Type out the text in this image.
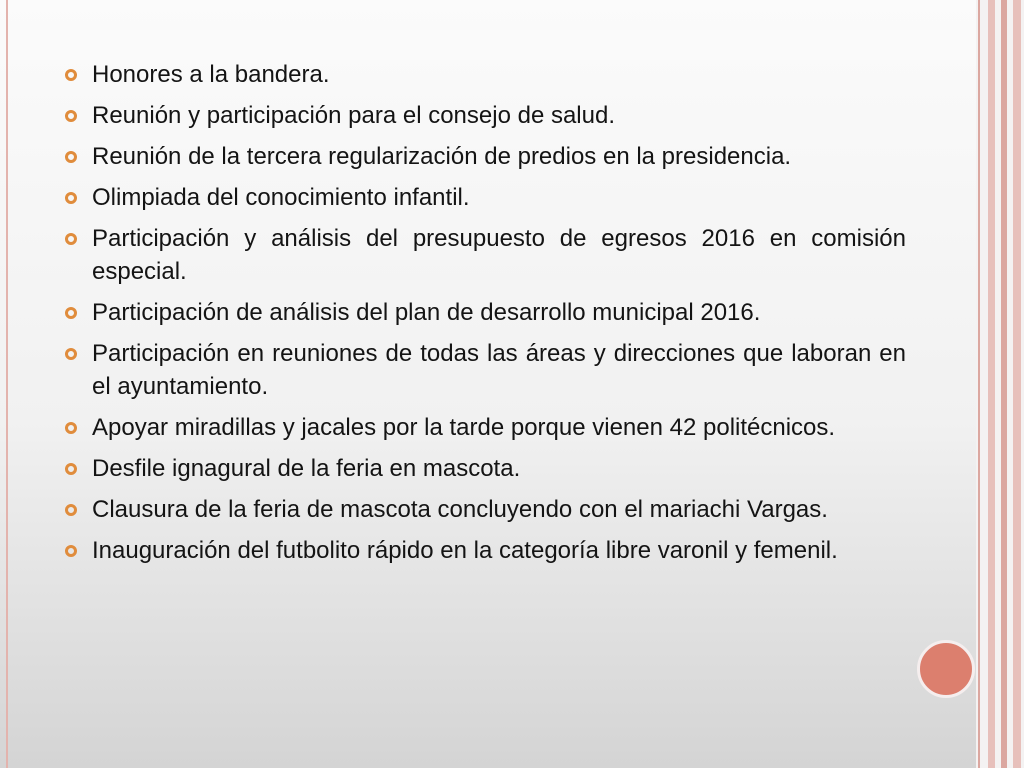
Honores a la bandera.
Reunión y participación para el consejo de salud.
Reunión de la tercera regularización de predios en la presidencia.
Olimpiada del conocimiento infantil.
Participación y análisis del presupuesto de egresos 2016 en comisión especial.
Participación de análisis del plan de desarrollo municipal 2016.
Participación en reuniones de todas las áreas y direcciones que laboran en el ayuntamiento.
Apoyar miradillas y jacales por la tarde porque vienen 42 politécnicos.
Desfile ignagural de la feria en mascota.
Clausura de la feria de mascota concluyendo con el mariachi Vargas.
Inauguración del futbolito rápido en la categoría libre varonil y femenil.
